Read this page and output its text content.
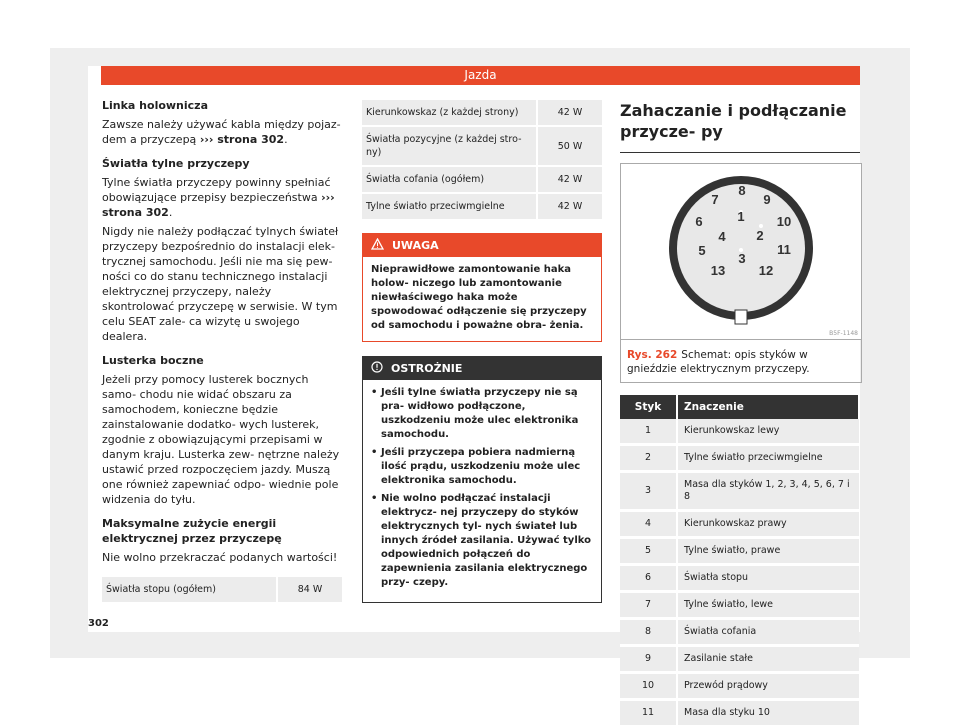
Jazda
Linka holownicza

Zawsze należy używać kabla między pojaz- dem a przyczepą ››› strona 302.

Światła tylne przyczepy

Tylne światła przyczepy powinny spełniać obowiązujące przepisy bezpieczeństwa ››› strona 302.

Nigdy nie należy podłączać tylnych świateł przyczepy bezpośrednio do instalacji elek- trycznej samochodu. Jeśli nie ma się pew- ności co do stanu technicznego instalacji elektrycznej przyczepy, należy skontrolować przyczepę w serwisie. W tym celu SEAT zale- ca wizytę u swojego dealera.

Lusterka boczne

Jeżeli przy pomocy lusterek bocznych samo- chodu nie widać obszaru za samochodem, konieczne będzie zainstalowanie dodatko- wych lusterek, zgodnie z obowiązującymi przepisami w danym kraju. Lusterka zew- nętrzne należy ustawić przed rozpoczęciem jazdy. Muszą one również zapewniać odpo- wiednie pole widzenia do tyłu.

Maksymalne zużycie energii elektrycznej przez przyczepę

Nie wolno przekraczać podanych wartości!

Światła stopu (ogółem)	84 W
Kierunkowskaz (z każdej strony)	42 W
Światła pozycyjne (z każdej stro- ny)	50 W
Światła cofania (ogółem)	42 W
Tylne światło przeciwmgielne	42 W
UWAGA
Nieprawidłowe zamontowanie haka holow- niczego lub zamontowanie niewłaściwego haka może spowodować odłączenie się przyczepy od samochodu i poważne obra- żenia.
OSTROŻNIE
• Jeśli tylne światła przyczepy nie są pra- widłowo podłączone, uszkodzeniu może ulec elektronika samochodu.
• Jeśli przyczepa pobiera nadmierną ilość prądu, uszkodzeniu może ulec elektronika samochodu.
• Nie wolno podłączać instalacji elektrycz- nej przyczepy do styków elektrycznych tyl- nych świateł lub innych źródeł zasilania. Używać tylko odpowiednich połączeń do zapewnienia zasilania elektrycznego przy- czepy.
Zahaczanie i podłączanie przycze- py
1
2
3
4
5
6
7
8
9
10
11
12
13
B5F-1148
Rys. 262 Schemat: opis styków w gnieździe elektrycznym przyczepy.
Styk	Znaczenie
1	Kierunkowskaz lewy
2	Tylne światło przeciwmgielne
3	Masa dla styków 1, 2, 3, 4, 5, 6, 7 i 8
4	Kierunkowskaz prawy
5	Tylne światło, prawe
6	Światła stopu
7	Tylne światło, lewe
8	Światła cofania
9	Zasilanie stałe
10	Przewód prądowy
11	Masa dla styku 10
302
